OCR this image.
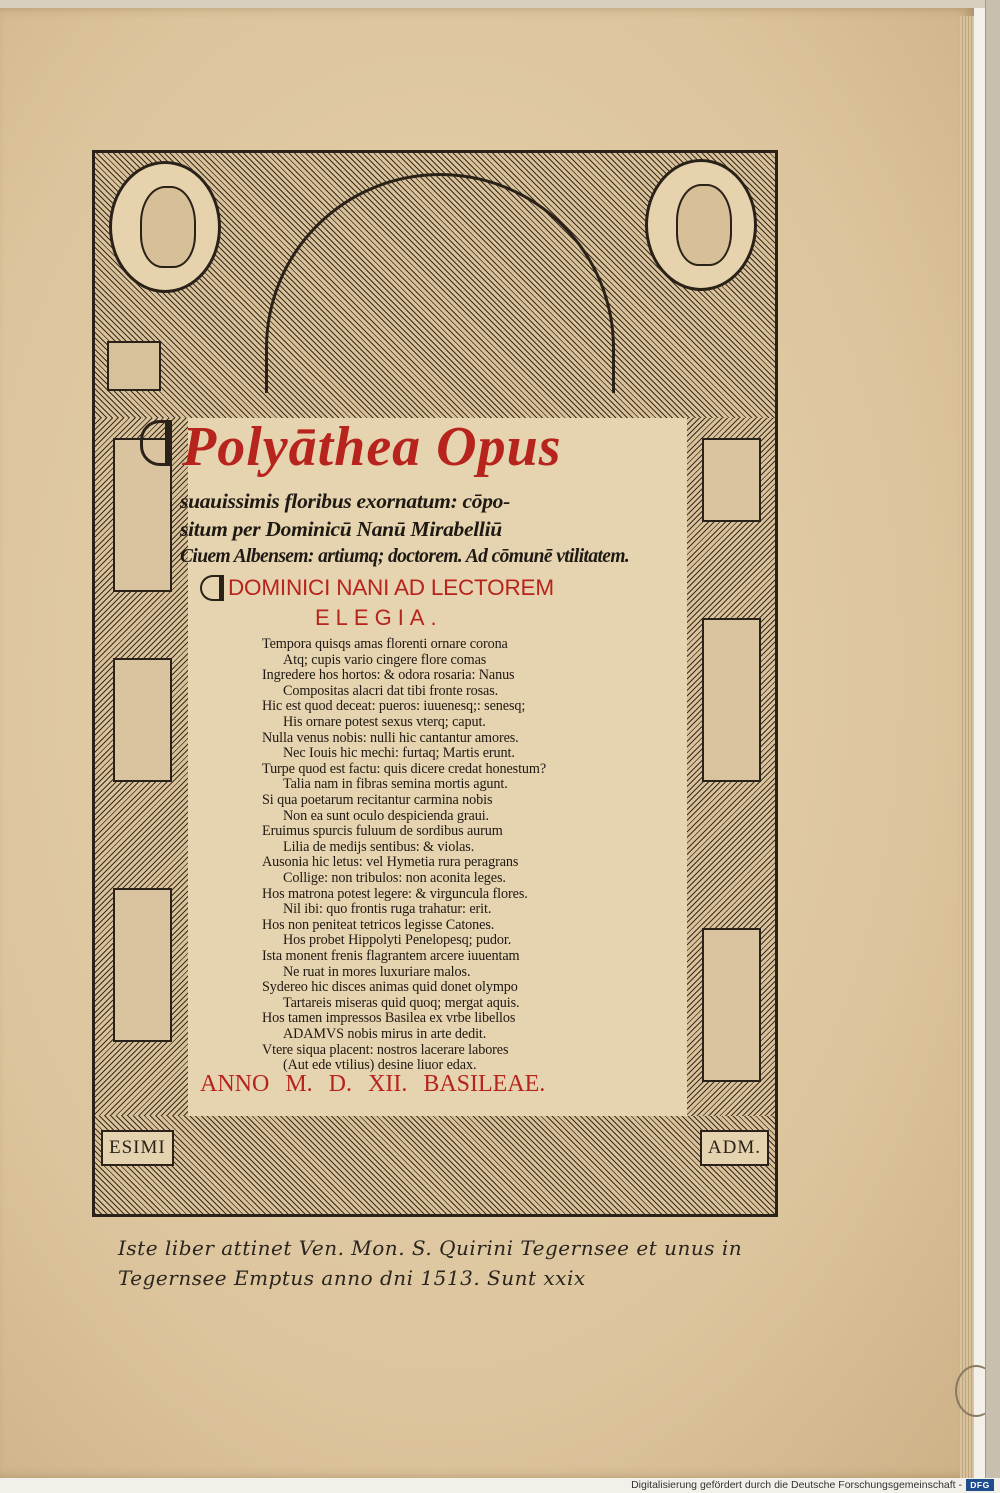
ESIMI	ADM.
Polyāthea Opus
suauissimis floribus exornatum: cōpo-
situm per Dominicū Nanū Mirabelliū
Ciuem Albensem: artiumq; doctorem. Ad cōmunē vtilitatem.
DOMINICI NANI AD LECTOREM
ELEGIA.
Tempora quisqs amas florenti ornare corona
Atq; cupis vario cingere flore comas
Ingredere hos hortos: & odora rosaria: Nanus
Compositas alacri dat tibi fronte rosas.
Hic est quod deceat: pueros: iuuenesq;: senesq;
His ornare potest sexus vterq; caput.
Nulla venus nobis: nulli hic cantantur amores.
Nec Iouis hic mechi: furtaq; Martis erunt.
Turpe quod est factu: quis dicere credat honestum?
Talia nam in fibras semina mortis agunt.
Si qua poetarum recitantur carmina nobis
Non ea sunt oculo despicienda graui.
Eruimus spurcis fuluum de sordibus aurum
Lilia de medijs sentibus: & violas.
Ausonia hic letus: vel Hymetia rura peragrans
Collige: non tribulos: non aconita leges.
Hos matrona potest legere: & virguncula flores.
Nil ibi: quo frontis ruga trahatur: erit.
Hos non peniteat tetricos legisse Catones.
Hos probet Hippolyti Penelopesq; pudor.
Ista monent frenis flagrantem arcere iuuentam
Ne ruat in mores luxuriare malos.
Sydereo hic disces animas quid donet olympo
Tartareis miseras quid quoq; mergat aquis.
Hos tamen impressos Basilea ex vrbe libellos
ADAMVS nobis mirus in arte dedit.
Vtere siqua placent: nostros lacerare labores
(Aut ede vtilius) desine liuor edax.
ANNO M. D. XII. BASILEAE.
Iste liber attinet Ven. Mon. S. Quirini Tegernsee et unus in
Tegernsee Emptus anno dni 1513. Sunt xxix
Digitalisierung gefördert durch die Deutsche Forschungsgemeinschaft - DFG
